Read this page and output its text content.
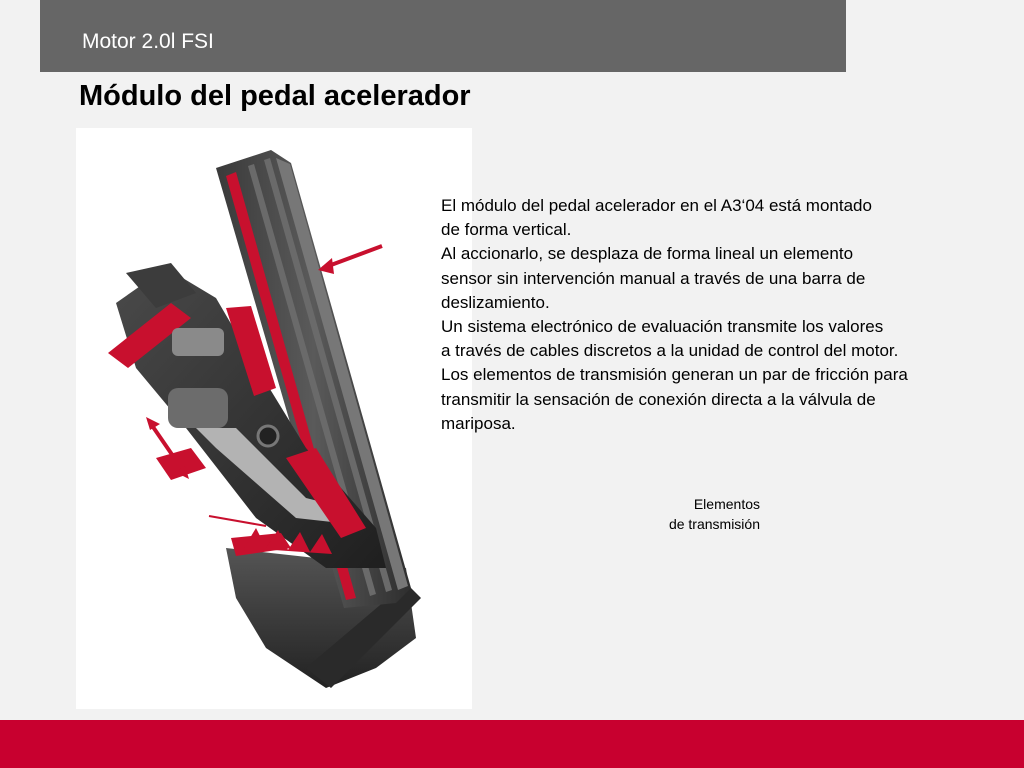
Motor 2.0l FSI
Módulo del pedal acelerador
Elementos
de transmisión
El módulo del pedal acelerador en el A3‘04 está montado
de forma vertical.
Al accionarlo, se desplaza de forma lineal un elemento
sensor sin intervención manual a través de una barra de
deslizamiento.
Un sistema electrónico de evaluación transmite los valores
a través de cables discretos a la unidad de control del motor.
Los elementos de transmisión generan un par de fricción para
transmitir la sensación de conexión directa a la válvula de
mariposa.
